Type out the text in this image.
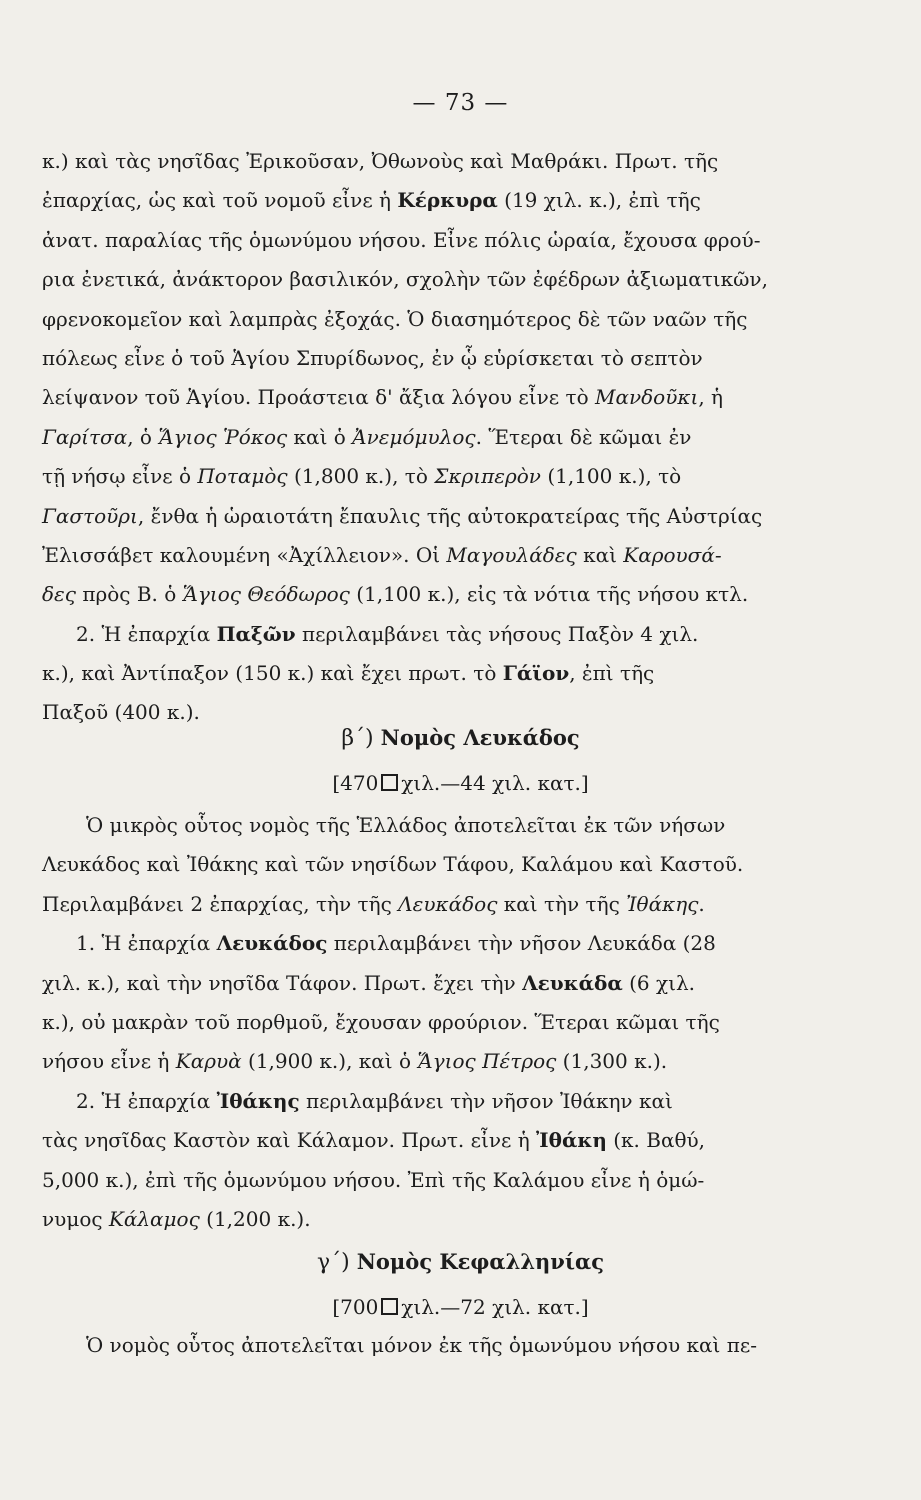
— 73 —
κ.) καὶ τὰς νησῖδας Ἐρικοῦσαν, Ὀθωνοὺς καὶ Μαθράκι. Πρωτ. τῆς
ἐπαρχίας, ὡς καὶ τοῦ νομοῦ εἶνε ἡ Κέρκυρα (19 χιλ. κ.), ἐπὶ τῆς
ἀνατ. παραλίας τῆς ὁμωνύμου νήσου. Εἶνε πόλις ὡραία, ἔχουσα φρού-
ρια ἐνετικά, ἀνάκτορον βασιλικόν, σχολὴν τῶν ἐφέδρων ἀξιωματικῶν,
φρενοκομεῖον καὶ λαμπρὰς ἐξοχάς. Ὁ διασημότερος δὲ τῶν ναῶν τῆς
πόλεως εἶνε ὁ τοῦ Ἁγίου Σπυρίδωνος, ἐν ᾧ εὑρίσκεται τὸ σεπτὸν
λείψανον τοῦ Ἁγίου. Προάστεια δ' ἄξια λόγου εἶνε τὸ Μανδοῦκι, ἡ
Γαρίτσα, ὁ Ἅγιος Ῥόκος καὶ ὁ Ἀνεμόμυλος. Ἕτεραι δὲ κῶμαι ἐν
τῇ νήσῳ εἶνε ὁ Ποταμὸς (1,800 κ.), τὸ Σκριπερὸν (1,100 κ.), τὸ
Γαστοῦρι, ἔνθα ἡ ὡραιοτάτη ἔπαυλις τῆς αὐτοκρατείρας τῆς Αὐστρίας
Ἐλισσάβετ καλουμένη «Ἀχίλλειον». Οἱ Μαγουλάδες καὶ Καρουσά-
δες πρὸς Β. ὁ Ἅγιος Θεόδωρος (1,100 κ.), εἰς τὰ νότια τῆς νήσου κτλ.
2. Ἡ ἐπαρχία Παξῶν περιλαμβάνει τὰς νήσους Παξὸν 4 χιλ.
κ.), καὶ Ἀντίπαξον (150 κ.) καὶ ἔχει πρωτ. τὸ Γάϊον, ἐπὶ τῆς
Παξοῦ (400 κ.).
β΄) Νομὸς Λευκάδος
[470 χιλ.—44 χιλ. κατ.]
Ὁ μικρὸς οὗτος νομὸς τῆς Ἑλλάδος ἀποτελεῖται ἐκ τῶν νήσων
Λευκάδος καὶ Ἰθάκης καὶ τῶν νησίδων Τάφου, Καλάμου καὶ Καστοῦ.
Περιλαμβάνει 2 ἐπαρχίας, τὴν τῆς Λευκάδος καὶ τὴν τῆς Ἰθάκης.
1. Ἡ ἐπαρχία Λευκάδος περιλαμβάνει τὴν νῆσον Λευκάδα (28
χιλ. κ.), καὶ τὴν νησῖδα Τάφον. Πρωτ. ἔχει τὴν Λευκάδα (6 χιλ.
κ.), οὐ μακρὰν τοῦ πορθμοῦ, ἔχουσαν φρούριον. Ἕτεραι κῶμαι τῆς
νήσου εἶνε ἡ Καρυὰ (1,900 κ.), καὶ ὁ Ἅγιος Πέτρος (1,300 κ.).
2. Ἡ ἐπαρχία Ἰθάκης περιλαμβάνει τὴν νῆσον Ἰθάκην καὶ
τὰς νησῖδας Καστὸν καὶ Κάλαμον. Πρωτ. εἶνε ἡ Ἰθάκη (κ. Βαθύ,
5,000 κ.), ἐπὶ τῆς ὁμωνύμου νήσου. Ἐπὶ τῆς Καλάμου εἶνε ἡ ὁμώ-
νυμος Κάλαμος (1,200 κ.).
γ΄) Νομὸς Κεφαλληνίας
[700 χιλ.—72 χιλ. κατ.]
Ὁ νομὸς οὗτος ἀποτελεῖται μόνον ἐκ τῆς ὁμωνύμου νήσου καὶ πε-
